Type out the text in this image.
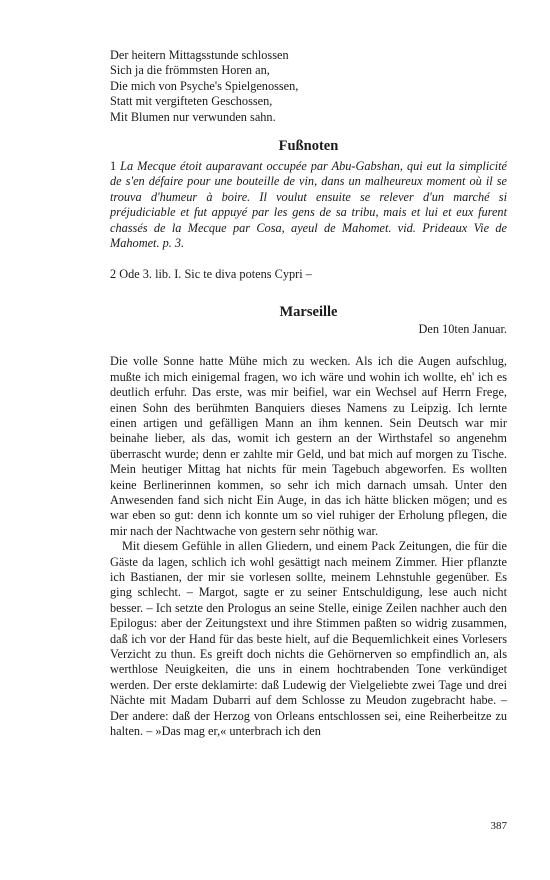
Der heitern Mittagsstunde schlossen
Sich ja die frömmsten Horen an,
Die mich von Psyche's Spielgenossen,
Statt mit vergifteten Geschossen,
Mit Blumen nur verwunden sahn.
Fußnoten

1 La Mecque étoit auparavant occupée par Abu-Gabshan, qui eut la simplicité de s'en défaire pour une bouteille de vin, dans un malheureux moment où il se trouva d'humeur à boire. Il voulut ensuite se relever d'un marché si préjudiciable et fut appuyé par les gens de sa tribu, mais et lui et eux furent chassés de la Mecque par Cosa, ayeul de Mahomet. vid. Prideaux Vie de Mahomet. p. 3.

2 Ode 3. lib. I. Sic te diva potens Cypri –

Marseille

Den 10ten Januar.

Die volle Sonne hatte Mühe mich zu wecken. Als ich die Augen aufschlug, mußte ich mich einigemal fragen, wo ich wäre und wohin ich wollte, eh' ich es deutlich erfuhr. Das erste, was mir beifiel, war ein Wechsel auf Herrn Frege, einen Sohn des berühmten Banquiers dieses Namens zu Leipzig. Ich lernte einen artigen und gefälligen Mann an ihm kennen. Sein Deutsch war mir beinahe lieber, als das, womit ich gestern an der Wirthstafel so angenehm überrascht wurde; denn er zahlte mir Geld, und bat mich auf morgen zu Tische. Mein heutiger Mittag hat nichts für mein Tagebuch abgeworfen. Es wollten keine Berlinerinnen kommen, so sehr ich mich darnach umsah. Unter den Anwesenden fand sich nicht Ein Auge, in das ich hätte blicken mögen; und es war eben so gut: denn ich konnte um so viel ruhiger der Erholung pflegen, die mir nach der Nachtwache von gestern sehr nöthig war.

Mit diesem Gefühle in allen Gliedern, und einem Pack Zeitungen, die für die Gäste da lagen, schlich ich wohl gesättigt nach meinem Zimmer. Hier pflanzte ich Bastianen, der mir sie vorlesen sollte, meinem Lehnstuhle gegenüber. Es ging schlecht. – Margot, sagte er zu seiner Entschuldigung, lese auch nicht besser. – Ich setzte den Prologus an seine Stelle, einige Zeilen nachher auch den Epilogus: aber der Zeitungstext und ihre Stimmen paßten so widrig zusammen, daß ich vor der Hand für das beste hielt, auf die Bequemlichkeit eines Vorlesers Verzicht zu thun. Es greift doch nichts die Gehörnerven so empfindlich an, als werthlose Neuigkeiten, die uns in einem hochtrabenden Tone verkündiget werden. Der erste deklamirte: daß Ludewig der Vielgeliebte zwei Tage und drei Nächte mit Madam Dubarri auf dem Schlosse zu Meudon zugebracht habe. – Der andere: daß der Herzog von Orleans entschlossen sei, eine Reiherbeitze zu halten. – »Das mag er,« unterbrach ich den

387
